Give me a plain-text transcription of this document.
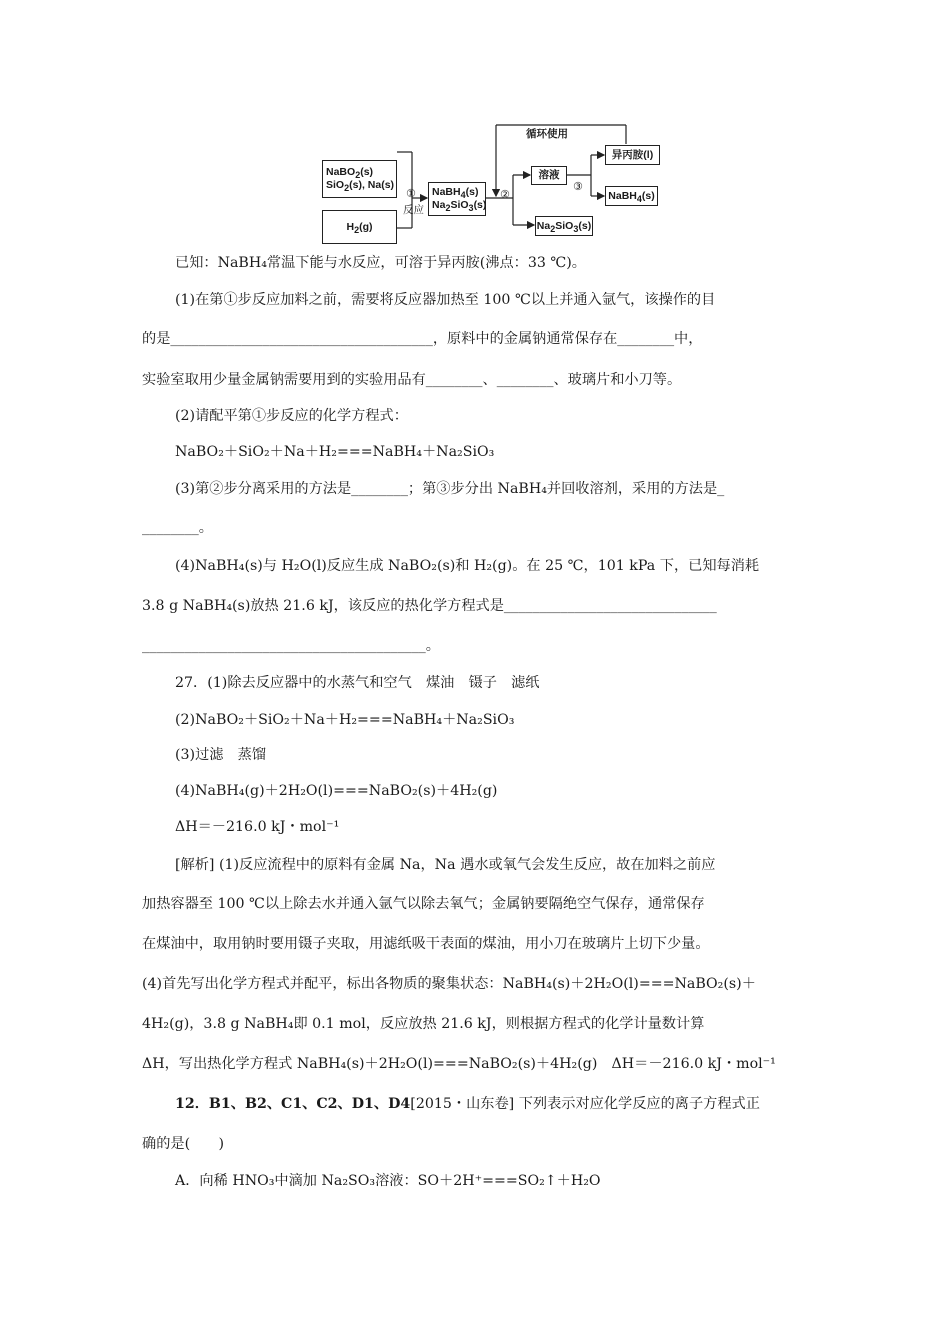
NaBO$_2$(s)
SiO$_2$(s), Na(s)
$H_2(g)$
①
反应
NaBH$_4$(s)
$Na_2SiO_3(s)$
②
循环使用
溶液
③
异丙胺(l)
NaBH$_4$(s)
$Na_2SiO_3(s)$
已知：NaBH₄常温下能与水反应，可溶于异丙胺(沸点：33 ℃)。
(1)在第①步反应加料之前，需要将反应器加热至 100 ℃以上并通入氩气，该操作的目
的是_____________________________________，原料中的金属钠通常保存在________中，
实验室取用少量金属钠需要用到的实验用品有________、________、玻璃片和小刀等。
(2)请配平第①步反应的化学方程式：
NaBO₂＋SiO₂＋Na＋H₂===NaBH₄＋Na₂SiO₃
(3)第②步分离采用的方法是________；第③步分出 NaBH₄并回收溶剂，采用的方法是_
________。
(4)NaBH₄(s)与 H₂O(l)反应生成 NaBO₂(s)和 H₂(g)。在 25 ℃，101 kPa 下，已知每消耗
3.8 g NaBH₄(s)放热 21.6 kJ，该反应的热化学方程式是______________________________
________________________________________。
27．(1)除去反应器中的水蒸气和空气　煤油　镊子　滤纸
(2)NaBO₂＋SiO₂＋Na＋H₂===NaBH₄＋Na₂SiO₃
(3)过滤　蒸馏
(4)NaBH₄(g)＋2H₂O(l)===NaBO₂(s)＋4H₂(g)
ΔH＝－216.0 kJ・mol⁻¹
[解析] (1)反应流程中的原料有金属 Na，Na 遇水或氧气会发生反应，故在加料之前应
加热容器至 100 ℃以上除去水并通入氩气以除去氧气；金属钠要隔绝空气保存，通常保存
在煤油中，取用钠时要用镊子夹取，用滤纸吸干表面的煤油，用小刀在玻璃片上切下少量。
(4)首先写出化学方程式并配平，标出各物质的聚集状态：NaBH₄(s)＋2H₂O(l)===NaBO₂(s)＋
4H₂(g)，3.8 g NaBH₄即 0.1 mol，反应放热 21.6 kJ，则根据方程式的化学计量数计算
ΔH，写出热化学方程式 NaBH₄(s)＋2H₂O(l)===NaBO₂(s)＋4H₂(g)　ΔH＝－216.0 kJ・mol⁻¹
12．B1、B2、C1、C2、D1、D4[2015・山东卷] 下列表示对应化学反应的离子方程式正
确的是(　　)
A．向稀 HNO₃中滴加 Na₂SO₃溶液：SO＋2H⁺===SO₂↑＋H₂O
